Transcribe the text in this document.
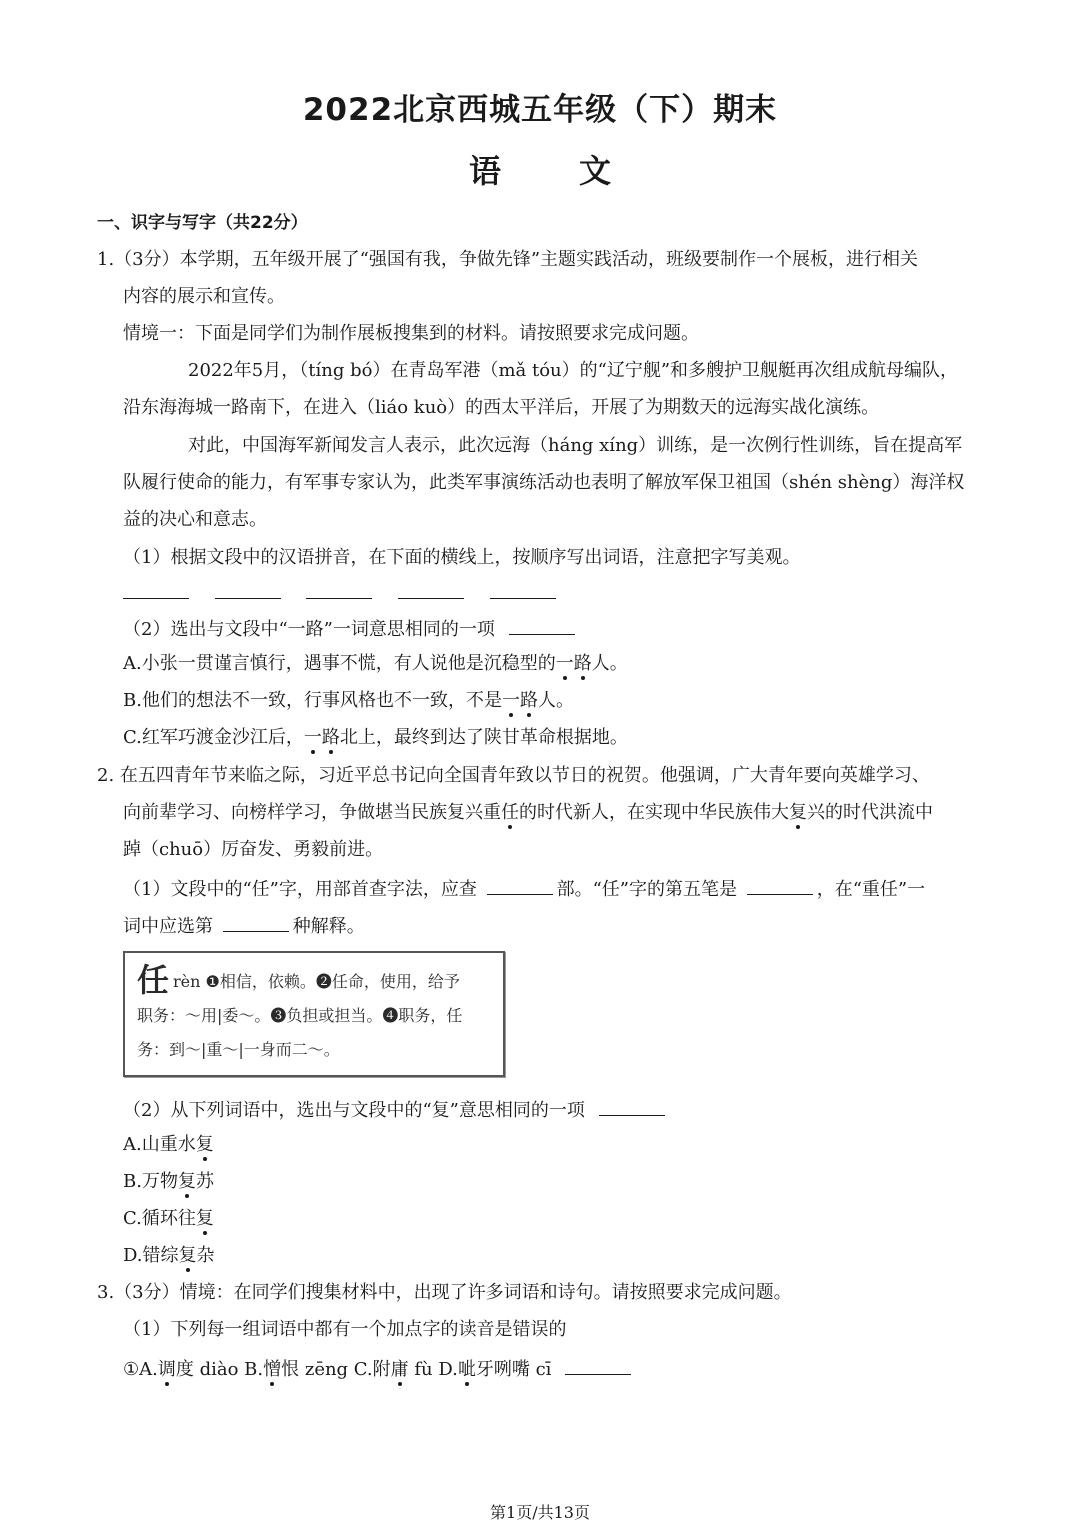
2022北京西城五年级（下）期末
语文
一、识字与写字（共22分）
1.（3分）本学期，五年级开展了“强国有我，争做先锋”主题实践活动，班级要制作一个展板，进行相关
内容的展示和宣传。
情境一：下面是同学们为制作展板搜集到的材料。请按照要求完成问题。
2022年5月，（tíng bó）在青岛军港（mǎ tóu）的“辽宁舰”和多艘护卫舰艇再次组成航母编队，
沿东海海城一路南下，在进入（liáo kuò）的西太平洋后，开展了为期数天的远海实战化演练。
对此，中国海军新闻发言人表示，此次远海（háng xíng）训练，是一次例行性训练，旨在提高军
队履行使命的能力，有军事专家认为，此类军事演练活动也表明了解放军保卫祖国（shén shèng）海洋权
益的决心和意志。
（1）根据文段中的汉语拼音，在下面的横线上，按顺序写出词语，注意把字写美观。

（2）选出与文段中“一路”一词意思相同的一项
A.小张一贯谨言慎行，遇事不慌，有人说他是沉稳型的一路人。
B.他们的想法不一致，行事风格也不一致，不是一路人。
C.红军巧渡金沙江后，一路北上，最终到达了陕甘革命根据地。
2. 在五四青年节来临之际，习近平总书记向全国青年致以节日的祝贺。他强调，广大青年要向英雄学习、
向前辈学习、向榜样学习，争做堪当民族复兴重任的时代新人，在实现中华民族伟大复兴的时代洪流中
踔（chuō）厉奋发、勇毅前进。
（1）文段中的“任”字，用部首查字法，应查	部。“任”字的第五笔是	，在“重任”一
词中应选第	种解释。
任rèn ❶相信，依赖。❷任命，使用，给予
职务：～用|委～。❸负担或担当。❹职务，任
务：到～|重～|一身而二～。
（2）从下列词语中，选出与文段中的“复”意思相同的一项
A.山重水复
B.万物复苏
C.循环往复
D.错综复杂
3.（3分）情境：在同学们搜集材料中，出现了许多词语和诗句。请按照要求完成问题。
（1）下列每一组词语中都有一个加点字的读音是错误的
①A.调度 diào B.憎恨 zēng C.附庸 fù D.呲牙咧嘴 cī
第1页/共13页
